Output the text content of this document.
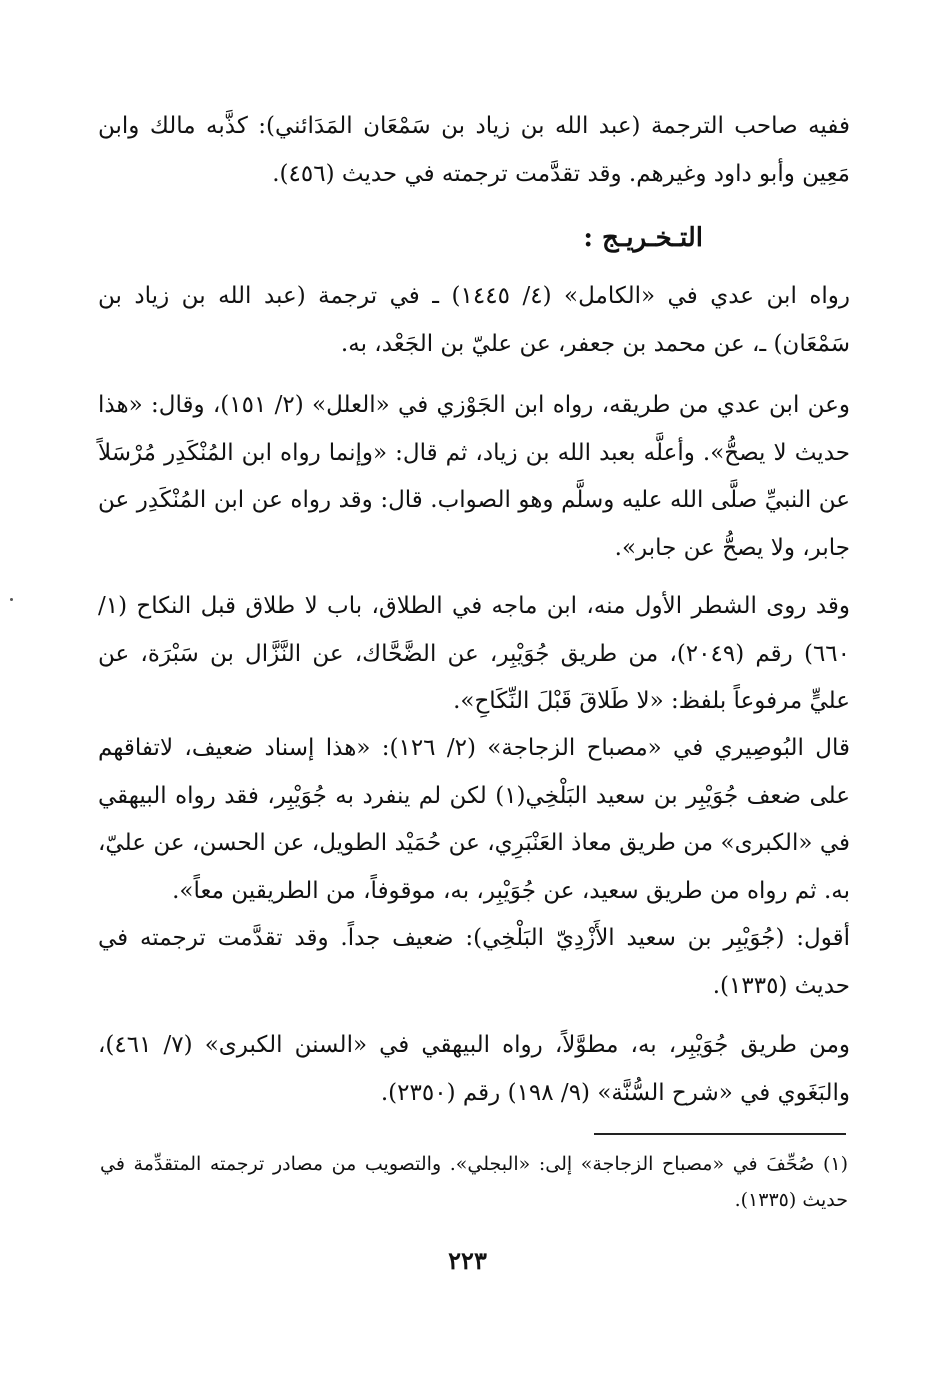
ففيه صاحب الترجمة (عبد الله بن زياد بن سَمْعَان المَدَائني): كذَّبه مالك وابن مَعِين وأبو داود وغيرهم. وقد تقدَّمت ترجمته في حديث (٤٥٦).
التـخـريـج :
رواه ابن عدي في «الكامل» (٤/ ١٤٤٥) ـ في ترجمة (عبد الله بن زياد بن سَمْعَان) ـ، عن محمد بن جعفر، عن عليّ بن الجَعْد، به.
وعن ابن عدي من طريقه، رواه ابن الجَوْزي في «العلل» (٢/ ١٥١)، وقال: «هذا حديث لا يصحُّ». وأعلَّه بعبد الله بن زياد، ثم قال: «وإنما رواه ابن المُنْكَدِر مُرْسَلاً عن النبيِّ صلَّى الله عليه وسلَّم وهو الصواب. قال: وقد رواه عن ابن المُنْكَدِر عن جابر، ولا يصحُّ عن جابر».
وقد روى الشطر الأول منه، ابن ماجه في الطلاق، باب لا طلاق قبل النكاح (١/ ٦٦٠) رقم (٢٠٤٩)، من طريق جُوَيْبِر، عن الضَّحَّاك، عن النَّزَّال بن سَبْرَة، عن عليٍّ مرفوعاً بلفظ: «لا طَلاقَ قَبْلَ النِّكَاحِ».
قال البُوصِيري في «مصباح الزجاجة» (٢/ ١٢٦): «هذا إسناد ضعيف، لاتفاقهم على ضعف جُوَيْبِر بن سعيد البَلْخِي(١) لكن لم ينفرد به جُوَيْبِر، فقد رواه البيهقي في «الكبرى» من طريق معاذ العَنْبَرِي، عن حُمَيْد الطويل، عن الحسن، عن عليّ، به. ثم رواه من طريق سعيد، عن جُوَيْبِر، به، موقوفاً، من الطريقين معاً».
أقول: (جُوَيْبِر بن سعيد الأَزْدِيّ البَلْخِي): ضعيف جداً. وقد تقدَّمت ترجمته في حديث (١٣٣٥).
ومن طريق جُوَيْبِر، به، مطوَّلاً، رواه البيهقي في «السنن الكبرى» (٧/ ٤٦١)، والبَغَوي في «شرح السُّنَّة» (٩/ ١٩٨) رقم (٢٣٥٠).
(١) صُحِّفَ في «مصباح الزجاجة» إلى: «البجلي». والتصويب من مصادر ترجمته المتقدِّمة في حديث (١٣٣٥).
٢٢٣
